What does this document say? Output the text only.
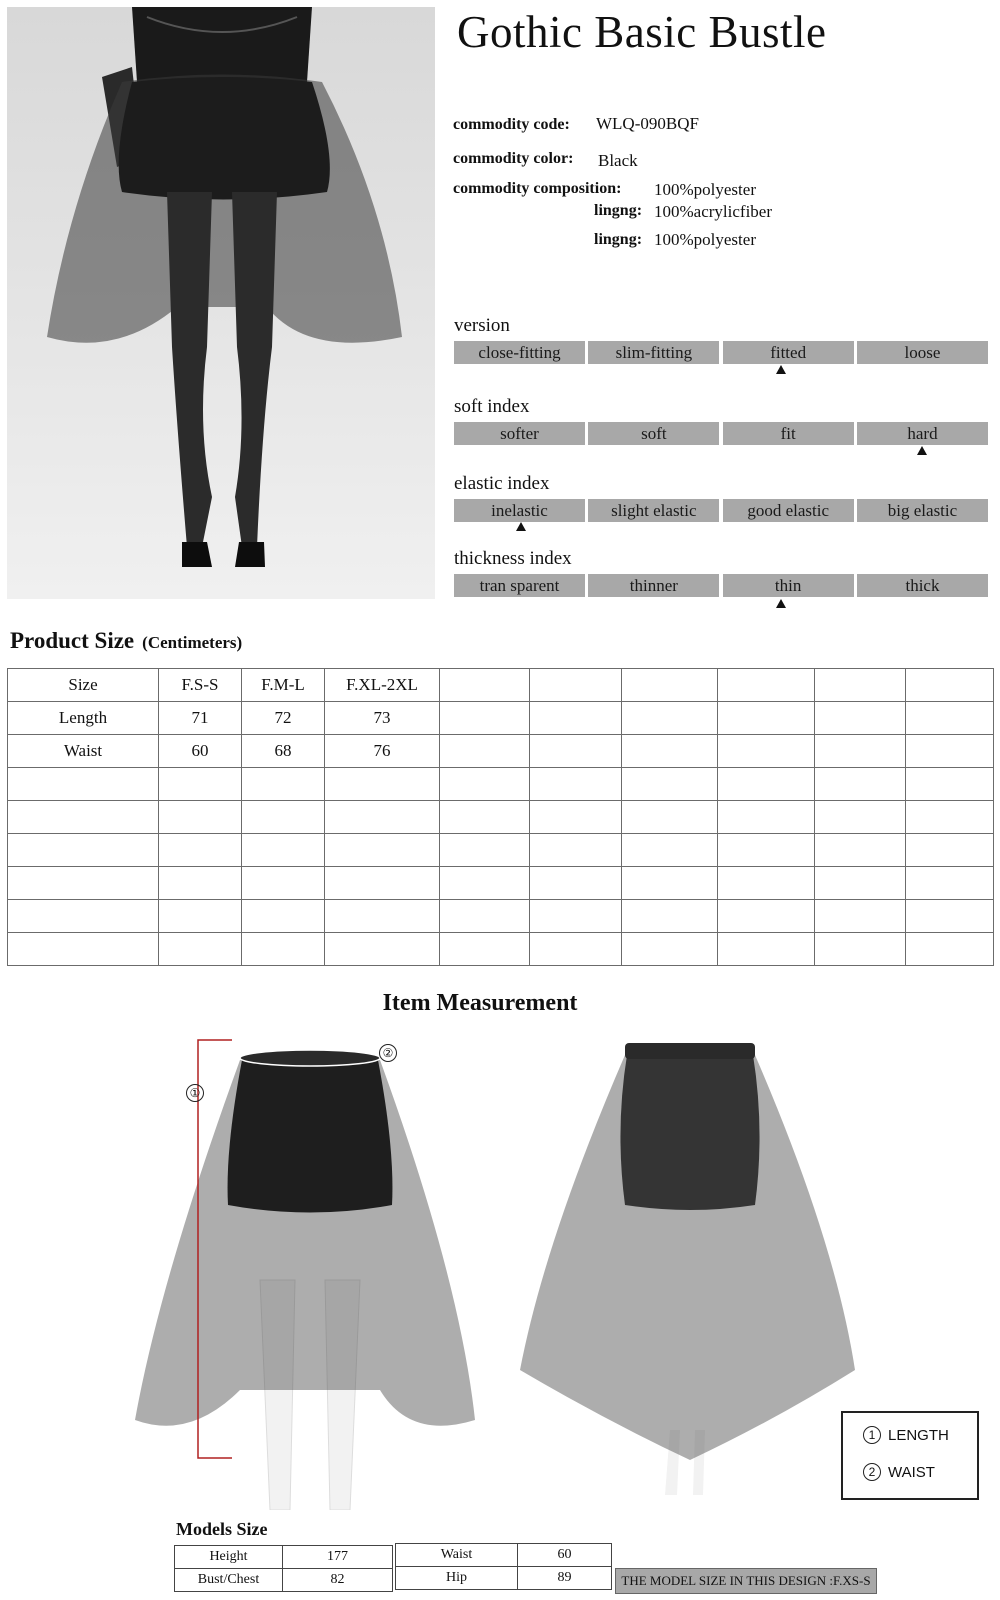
Gothic Basic Bustle
commodity code: WLQ-090BQF
commodity color: Black
commodity composition: 100%polyester
lingng: 100%acrylicfiber
lingng: 100%polyester
version
close-fitting	slim-fitting	fitted	loose
soft index
softer	soft	fit	hard
elastic index
inelastic	slight elastic	good elastic	big elastic
thickness index
tran sparent	thinner	thin	thick
Product Size (Centimeters)
Size	F.S-S	F.M-L	F.XL-2XL						
Length	71	72	73						
Waist	60	68	76						

Item Measurement
①
②
1 LENGTH
2 WAIST
Models Size
Height	177
Bust/Chest	82
Waist	60
Hip	89	THE MODEL SIZE IN THIS DESIGN :F.XS-S
